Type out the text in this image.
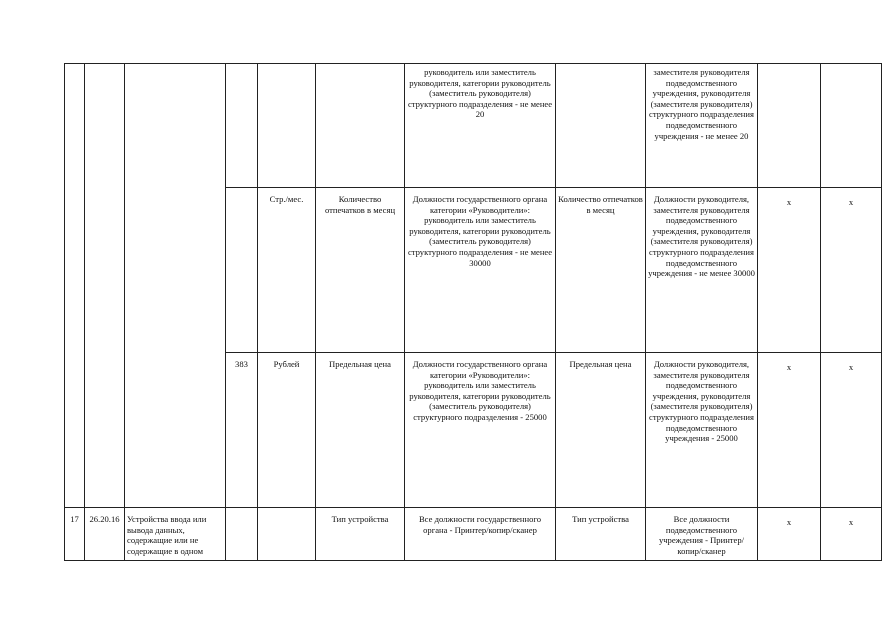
						руководитель или заместитель руководителя, категории руководитель (заместитель руководителя) структурного подразделения - не менее 20		заместителя руководителя подведомственного учреждения, руководителя (заместителя руководителя) структурного подразделения подведомственного учреждения - не менее 20		
				Стр./мес.	Количество отпечатков в месяц	Должности государственного органа категории «Руководители»: руководитель или заместитель руководителя, категории руководитель (заместитель руководителя) структурного подразделения - не менее 30000	Количество отпечатков в месяц	Должности руководителя, заместителя руководителя подведомственного учреждения, руководителя (заместителя руководителя) структурного подразделения подведомственного учреждения - не менее 30000	х	х
			383	Рублей	Предельная цена	Должности государственного органа категории «Руководители»: руководитель или заместитель руководителя, категории руководитель (заместитель руководителя) структурного подразделения - 25000	Предельная цена	Должности руководителя, заместителя руководителя подведомственного учреждения, руководителя (заместителя руководителя) структурного подразделения подведомственного учреждения - 25000	х	х
17	26.20.16	Устройства ввода или вывода данных, содержащие или не содержащие в одном			Тип устройства	Все должности государственного органа - Принтер/копир/сканер	Тип устройства	Все должности подведомственного учреждения - Принтер/копир/сканер	х	х
